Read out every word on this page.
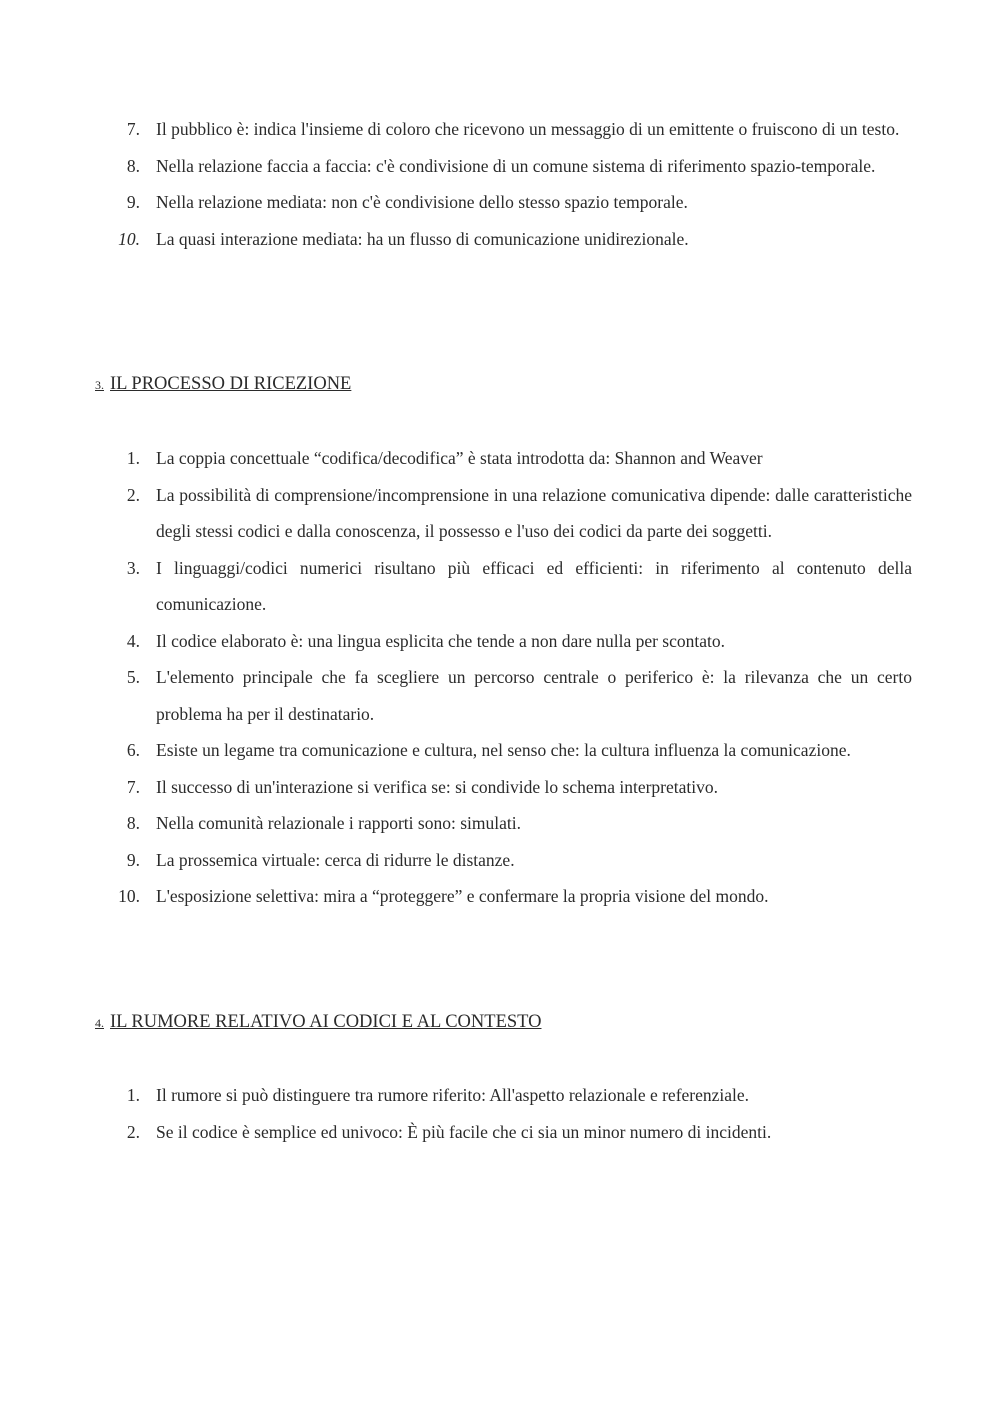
7. Il pubblico è: indica l'insieme di coloro che ricevono un messaggio di un emittente o fruiscono di un testo.
8. Nella relazione faccia a faccia: c'è condivisione di un comune sistema di riferimento spazio-temporale.
9. Nella relazione mediata: non c'è condivisione dello stesso spazio temporale.
10. La quasi interazione mediata: ha un flusso di comunicazione unidirezionale.
3. IL PROCESSO DI RICEZIONE
1. La coppia concettuale “codifica/decodifica” è stata introdotta da: Shannon and Weaver
2. La possibilità di comprensione/incomprensione in una relazione comunicativa dipende: dalle caratteristiche degli stessi codici e dalla conoscenza, il possesso e l'uso dei codici da parte dei soggetti.
3. I linguaggi/codici numerici risultano più efficaci ed efficienti: in riferimento al contenuto della comunicazione.
4. Il codice elaborato è: una lingua esplicita che tende a non dare nulla per scontato.
5. L'elemento principale che fa scegliere un percorso centrale o periferico è: la rilevanza che un certo problema ha per il destinatario.
6. Esiste un legame tra comunicazione e cultura, nel senso che: la cultura influenza la comunicazione.
7. Il successo di un'interazione si verifica se: si condivide lo schema interpretativo.
8. Nella comunità relazionale i rapporti sono: simulati.
9. La prossemica virtuale: cerca di ridurre le distanze.
10. L'esposizione selettiva: mira a “proteggere” e confermare la propria visione del mondo.
4. IL RUMORE RELATIVO AI CODICI E AL CONTESTO
1. Il rumore si può distinguere tra rumore riferito: All'aspetto relazionale e referenziale.
2. Se il codice è semplice ed univoco: È più facile che ci sia un minor numero di incidenti.
